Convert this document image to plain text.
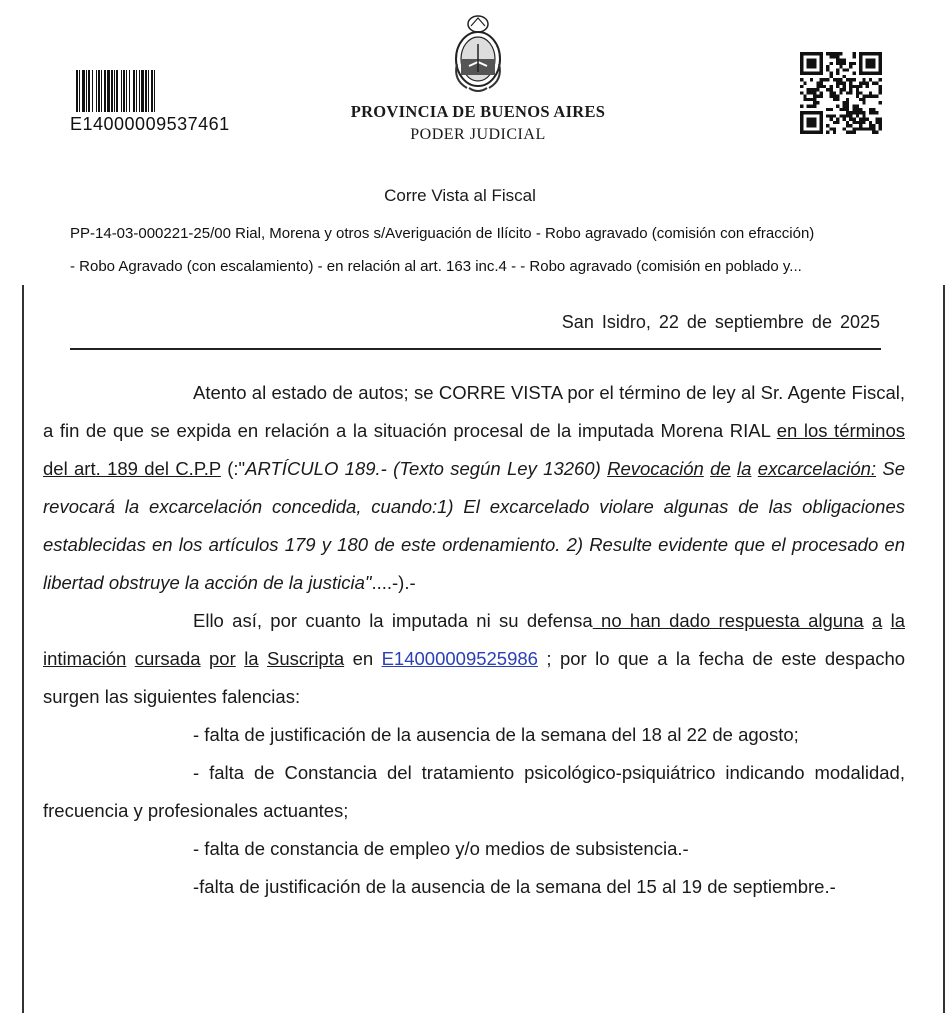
E14000009537461
PROVINCIA DE BUENOS AIRES
PODER JUDICIAL
Corre Vista al Fiscal
PP-14-03-000221-25/00 Rial, Morena y otros s/Averiguación de Ilícito - Robo agravado (comisión con efracción)
- Robo Agravado (con escalamiento) - en relación al art. 163 inc.4 - - Robo agravado (comisión en poblado y...
San Isidro, 22 de septiembre de 2025

Atento al estado de autos; se CORRE VISTA por el término de ley al Sr. Agente Fiscal, a fin de que se expida en relación a la situación procesal de la imputada Morena RIAL en los términos del art. 189 del C.P.P (:"ARTÍCULO 189.- (Texto según Ley 13260) Revocación de la excarcelación: Se revocará la excarcelación concedida, cuando:1) El excarcelado violare algunas de las obligaciones establecidas en los artículos 179 y 180 de este ordenamiento. 2) Resulte evidente que el procesado en libertad obstruye la acción de la justicia"....-).-

Ello así, por cuanto la imputada ni su defensa no han dado respuesta alguna a la intimación cursada por la Suscripta en E14000009525986 ; por lo que a la fecha de este despacho surgen las siguientes falencias:

- falta de justificación de la ausencia de la semana del 18 al 22 de agosto;

- falta de Constancia del tratamiento psicológico-psiquiátrico indicando modalidad, frecuencia y profesionales actuantes;

- falta de constancia de empleo y/o medios de subsistencia.-

-falta de justificación de la ausencia de la semana del 15 al 19 de septiembre.-
